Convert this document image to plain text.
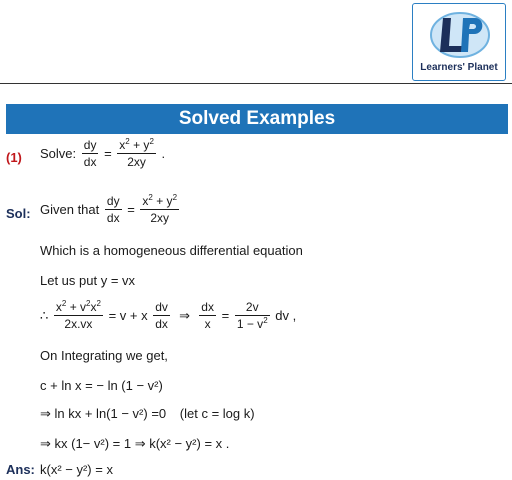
Learners' Planet
Solved Examples
(1) Solve: $\frac{dy}{dx} = \frac{x^2 + y^2}{2xy}$ .
Sol: Given that $\frac{dy}{dx} = \frac{x^2 + y^2}{2xy}$
Which is a homogeneous differential equation
Let us put y = vx
∴ $\frac{x^2 + v^2x^2}{2x.vx} = v + x \frac{dv}{dx}$ ⇒ $\frac{dx}{x} = \frac{2v}{1 - v^2}$ dv ,
On Integrating we get,
c + ln x = − ln (1 − v²)
⇒ ln kx + ln(1 − v²) =0 (let c = log k)
⇒ kx (1− v²) = 1 ⇒ k(x² − y²) = x .
Ans: k(x² − y²) = x
